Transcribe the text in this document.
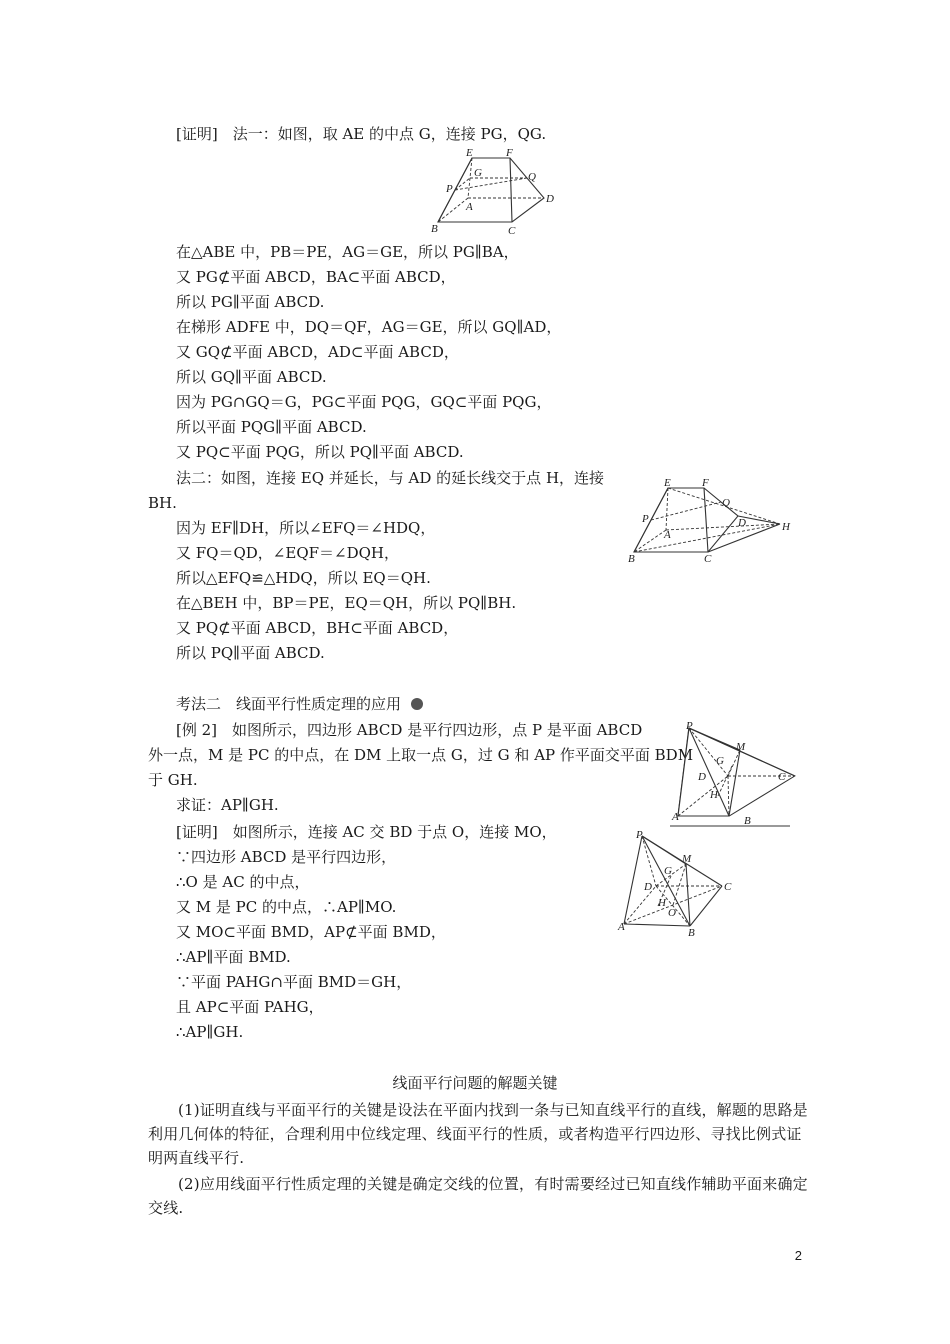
[证明]　法一：如图，取 AE 的中点 G，连接 PG，QG.
E	F
G	Q
P
D
A
B	C
在△ABE 中，PB＝PE，AG＝GE，所以 PG∥BA，
又 PG⊄平面 ABCD，BA⊂平面 ABCD，
所以 PG∥平面 ABCD.
在梯形 ADFE 中，DQ＝QF，AG＝GE，所以 GQ∥AD，
又 GQ⊄平面 ABCD，AD⊂平面 ABCD，
所以 GQ∥平面 ABCD.
因为 PG∩GQ＝G，PG⊂平面 PQG，GQ⊂平面 PQG，
所以平面 PQG∥平面 ABCD.
又 PQ⊂平面 PQG，所以 PQ∥平面 ABCD.
法二：如图，连接 EQ 并延长，与 AD 的延长线交于点 H，连接
BH.
E	F
Q
P	D	H
A
B	C
因为 EF∥DH，所以∠EFQ＝∠HDQ，
又 FQ＝QD，∠EQF＝∠DQH，
所以△EFQ≌△HDQ，所以 EQ＝QH.
在△BEH 中，BP＝PE，EQ＝QH，所以 PQ∥BH.
又 PQ⊄平面 ABCD，BH⊂平面 ABCD，
所以 PQ∥平面 ABCD.
考法二　线面平行性质定理的应用
[例 2]　如图所示，四边形 ABCD 是平行四边形，点 P 是平面 ABCD
外一点，M 是 PC 的中点，在 DM 上取一点 G，过 G 和 AP 作平面交平面 BDM
于 GH.
求证：AP∥GH.
P
M
G
D	C
H
A	B
[证明]　如图所示，连接 AC 交 BD 于点 O，连接 MO，	P
M
G
D	C
H
O
A	B
∵四边形 ABCD 是平行四边形，
∴O 是 AC 的中点，
又 M 是 PC 的中点，∴AP∥MO.
又 MO⊂平面 BMD，AP⊄平面 BMD，
∴AP∥平面 BMD.
∵平面 PAHG∩平面 BMD＝GH，
且 AP⊂平面 PAHG，
∴AP∥GH.
线面平行问题的解题关键
(1)证明直线与平面平行的关键是设法在平面内找到一条与已知直线平行的直线，解题的思路是利用几何体的特征，合理利用中位线定理、线面平行的性质，或者构造平行四边形、寻找比例式证明两直线平行.
(2)应用线面平行性质定理的关键是确定交线的位置，有时需要经过已知直线作辅助平面来确定交线.
2
